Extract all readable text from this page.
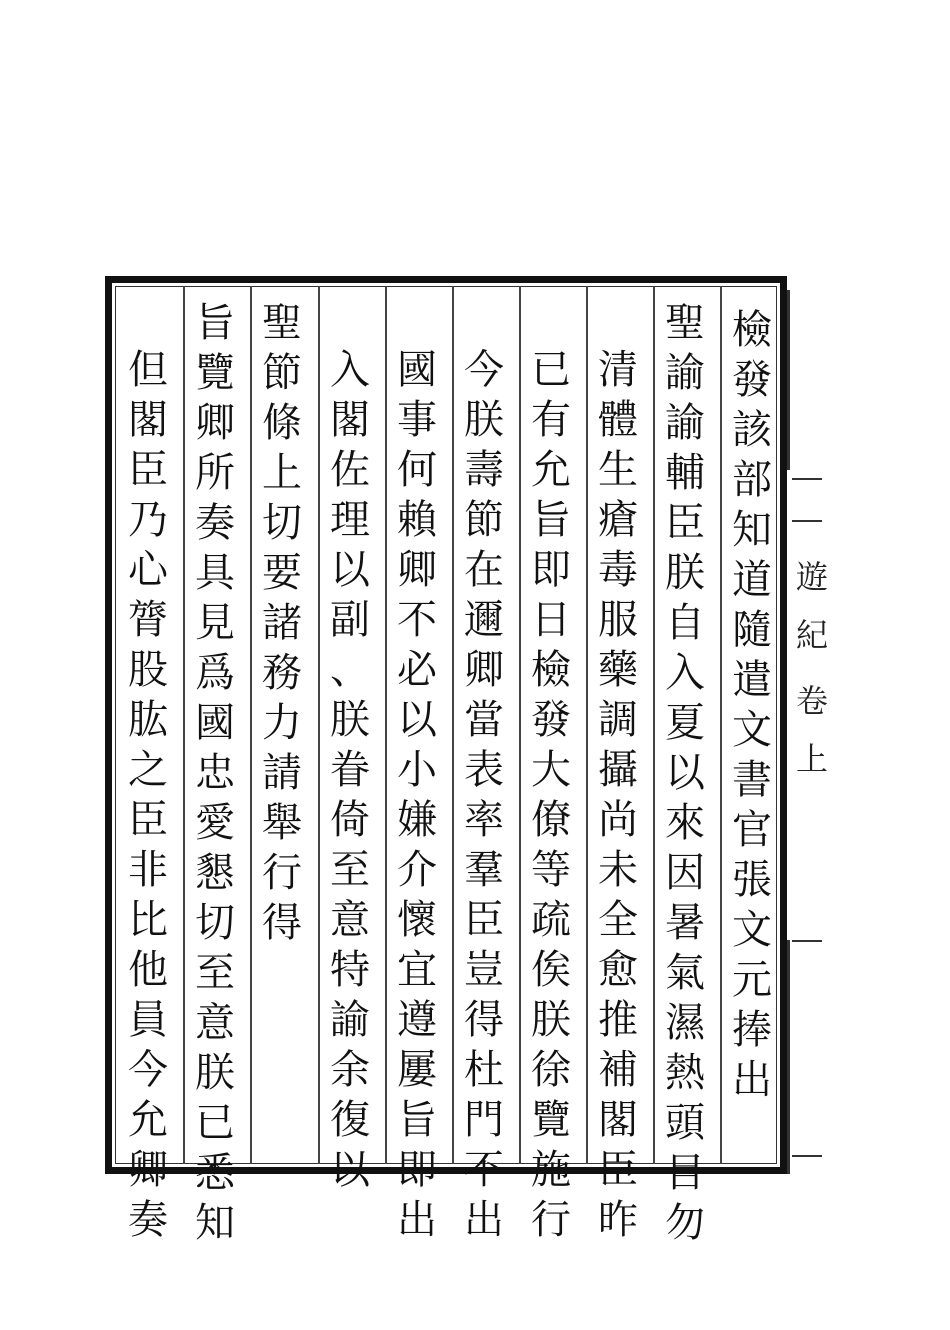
檢
發
該
部
知
道
隨
遣
文
書
官
張
文
元
捧
出
聖
諭
諭
輔
臣
朕
自
入
夏
以
來
因
暑
氣
濕
熱
頭
目
勿
清
體
生
瘡
毒
服
藥
調
攝
尚
未
全
愈
推
補
閣
臣
昨
已
有
允
旨
即
日
檢
發
大
僚
等
疏
俟
朕
徐
覽
施
行
今
朕
壽
節
在
邇
卿
當
表
率
羣
臣
豈
得
杜
門
不
出
國
事
何
賴
卿
不
必
以
小
嫌
介
懷
宜
遵
屢
旨
即
出
入
閣
佐
理
以
副
、
朕
眷
倚
至
意
特
諭
余
復
以
聖
節
條
上
切
要
諸
務
力
請
舉
行
得
旨
覽
卿
所
奏
具
見
爲
國
忠
愛
懇
切
至
意
朕
已
悉
知
但
閣
臣
乃
心
膂
股
肱
之
臣
非
比
他
員
今
允
卿
奏
遊
紀
卷
上
